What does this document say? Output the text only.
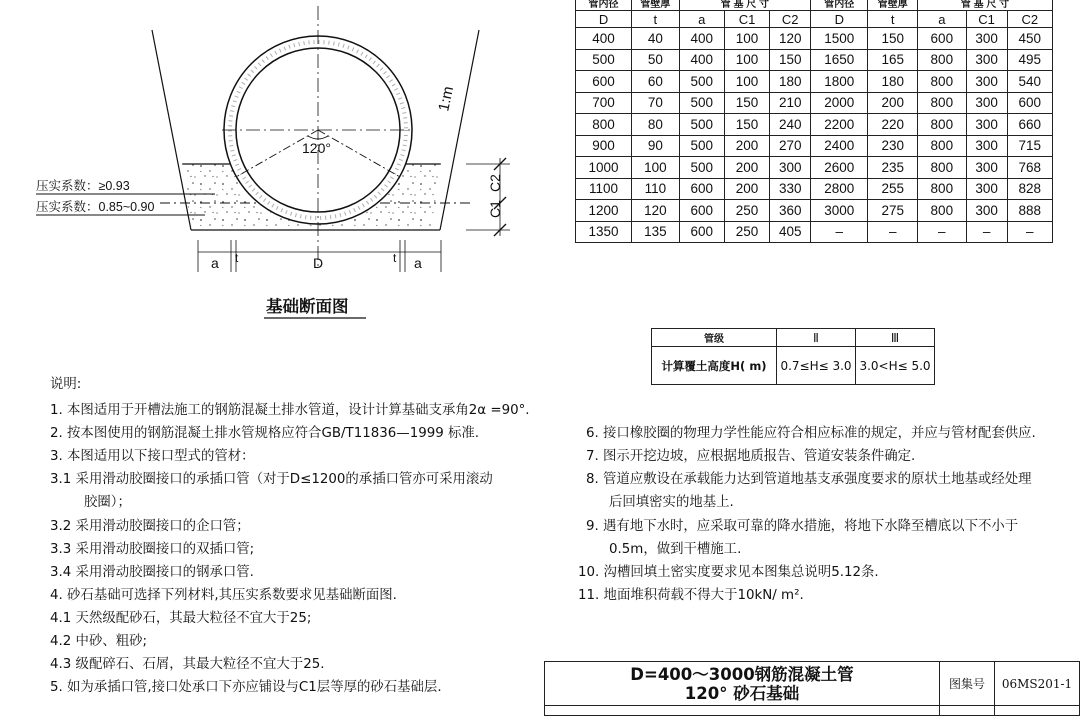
120°
1:m
压实系数：≥0.93
压实系数：0.85~0.90
C2
C1
a t	D	t a
基础断面图
管内径	管壁厚	管 基 尺 寸			管内径	管壁厚	管 基 尺 寸		
D	t	a	C1	C2	D	t	a	C1	C2
400	40	400	100	120	1500	150	600	300	450
500	50	400	100	150	1650	165	800	300	495
600	60	500	100	180	1800	180	800	300	540
700	70	500	150	210	2000	200	800	300	600
800	80	500	150	240	2200	220	800	300	660
900	90	500	200	270	2400	230	800	300	715
1000	100	500	200	300	2600	235	800	300	768
1100	110	600	200	330	2800	255	800	300	828
1200	120	600	250	360	3000	275	800	300	888
1350	135	600	250	405	–	–	–	–	–
管级	Ⅱ	Ⅲ
计算覆土高度H( m)	0.7≤H≤ 3.0	3.0<H≤ 5.0
说明:
1. 本图适用于开槽法施工的钢筋混凝土排水管道，设计计算基础支承角2α =90°.
2. 按本图使用的钢筋混凝土排水管规格应符合GB/T11836—1999 标准.
3. 本图适用以下接口型式的管材：
3.1 采用滑动胶圈接口的承插口管（对于D≤1200的承插口管亦可采用滚动
胶圈）；
3.2 采用滑动胶圈接口的企口管；
3.3 采用滑动胶圈接口的双插口管;
3.4 采用滑动胶圈接口的钢承口管.
4. 砂石基础可选择下列材料,其压实系数要求见基础断面图.
4.1 天然级配砂石，其最大粒径不宜大于25;
4.2 中砂、粗砂;
4.3 级配碎石、石屑，其最大粒径不宜大于25.
5. 如为承插口管,接口处承口下亦应铺设与C1层等厚的砂石基础层.
6. 接口橡胶圈的物理力学性能应符合相应标准的规定，并应与管材配套供应.
7. 图示开挖边坡，应根据地质报告、管道安装条件确定.
8. 管道应敷设在承载能力达到管道地基支承强度要求的原状土地基或经处理
后回填密实的地基上.
9. 遇有地下水时，应采取可靠的降水措施，将地下水降至槽底以下不小于
0.5m，做到干槽施工.
10. 沟槽回填土密实度要求见本图集总说明5.12条.
11. 地面堆积荷载不得大于10kN/ m².
D=400～3000钢筋混凝土管
120° 砂石基础	图集号	06MS201-1
